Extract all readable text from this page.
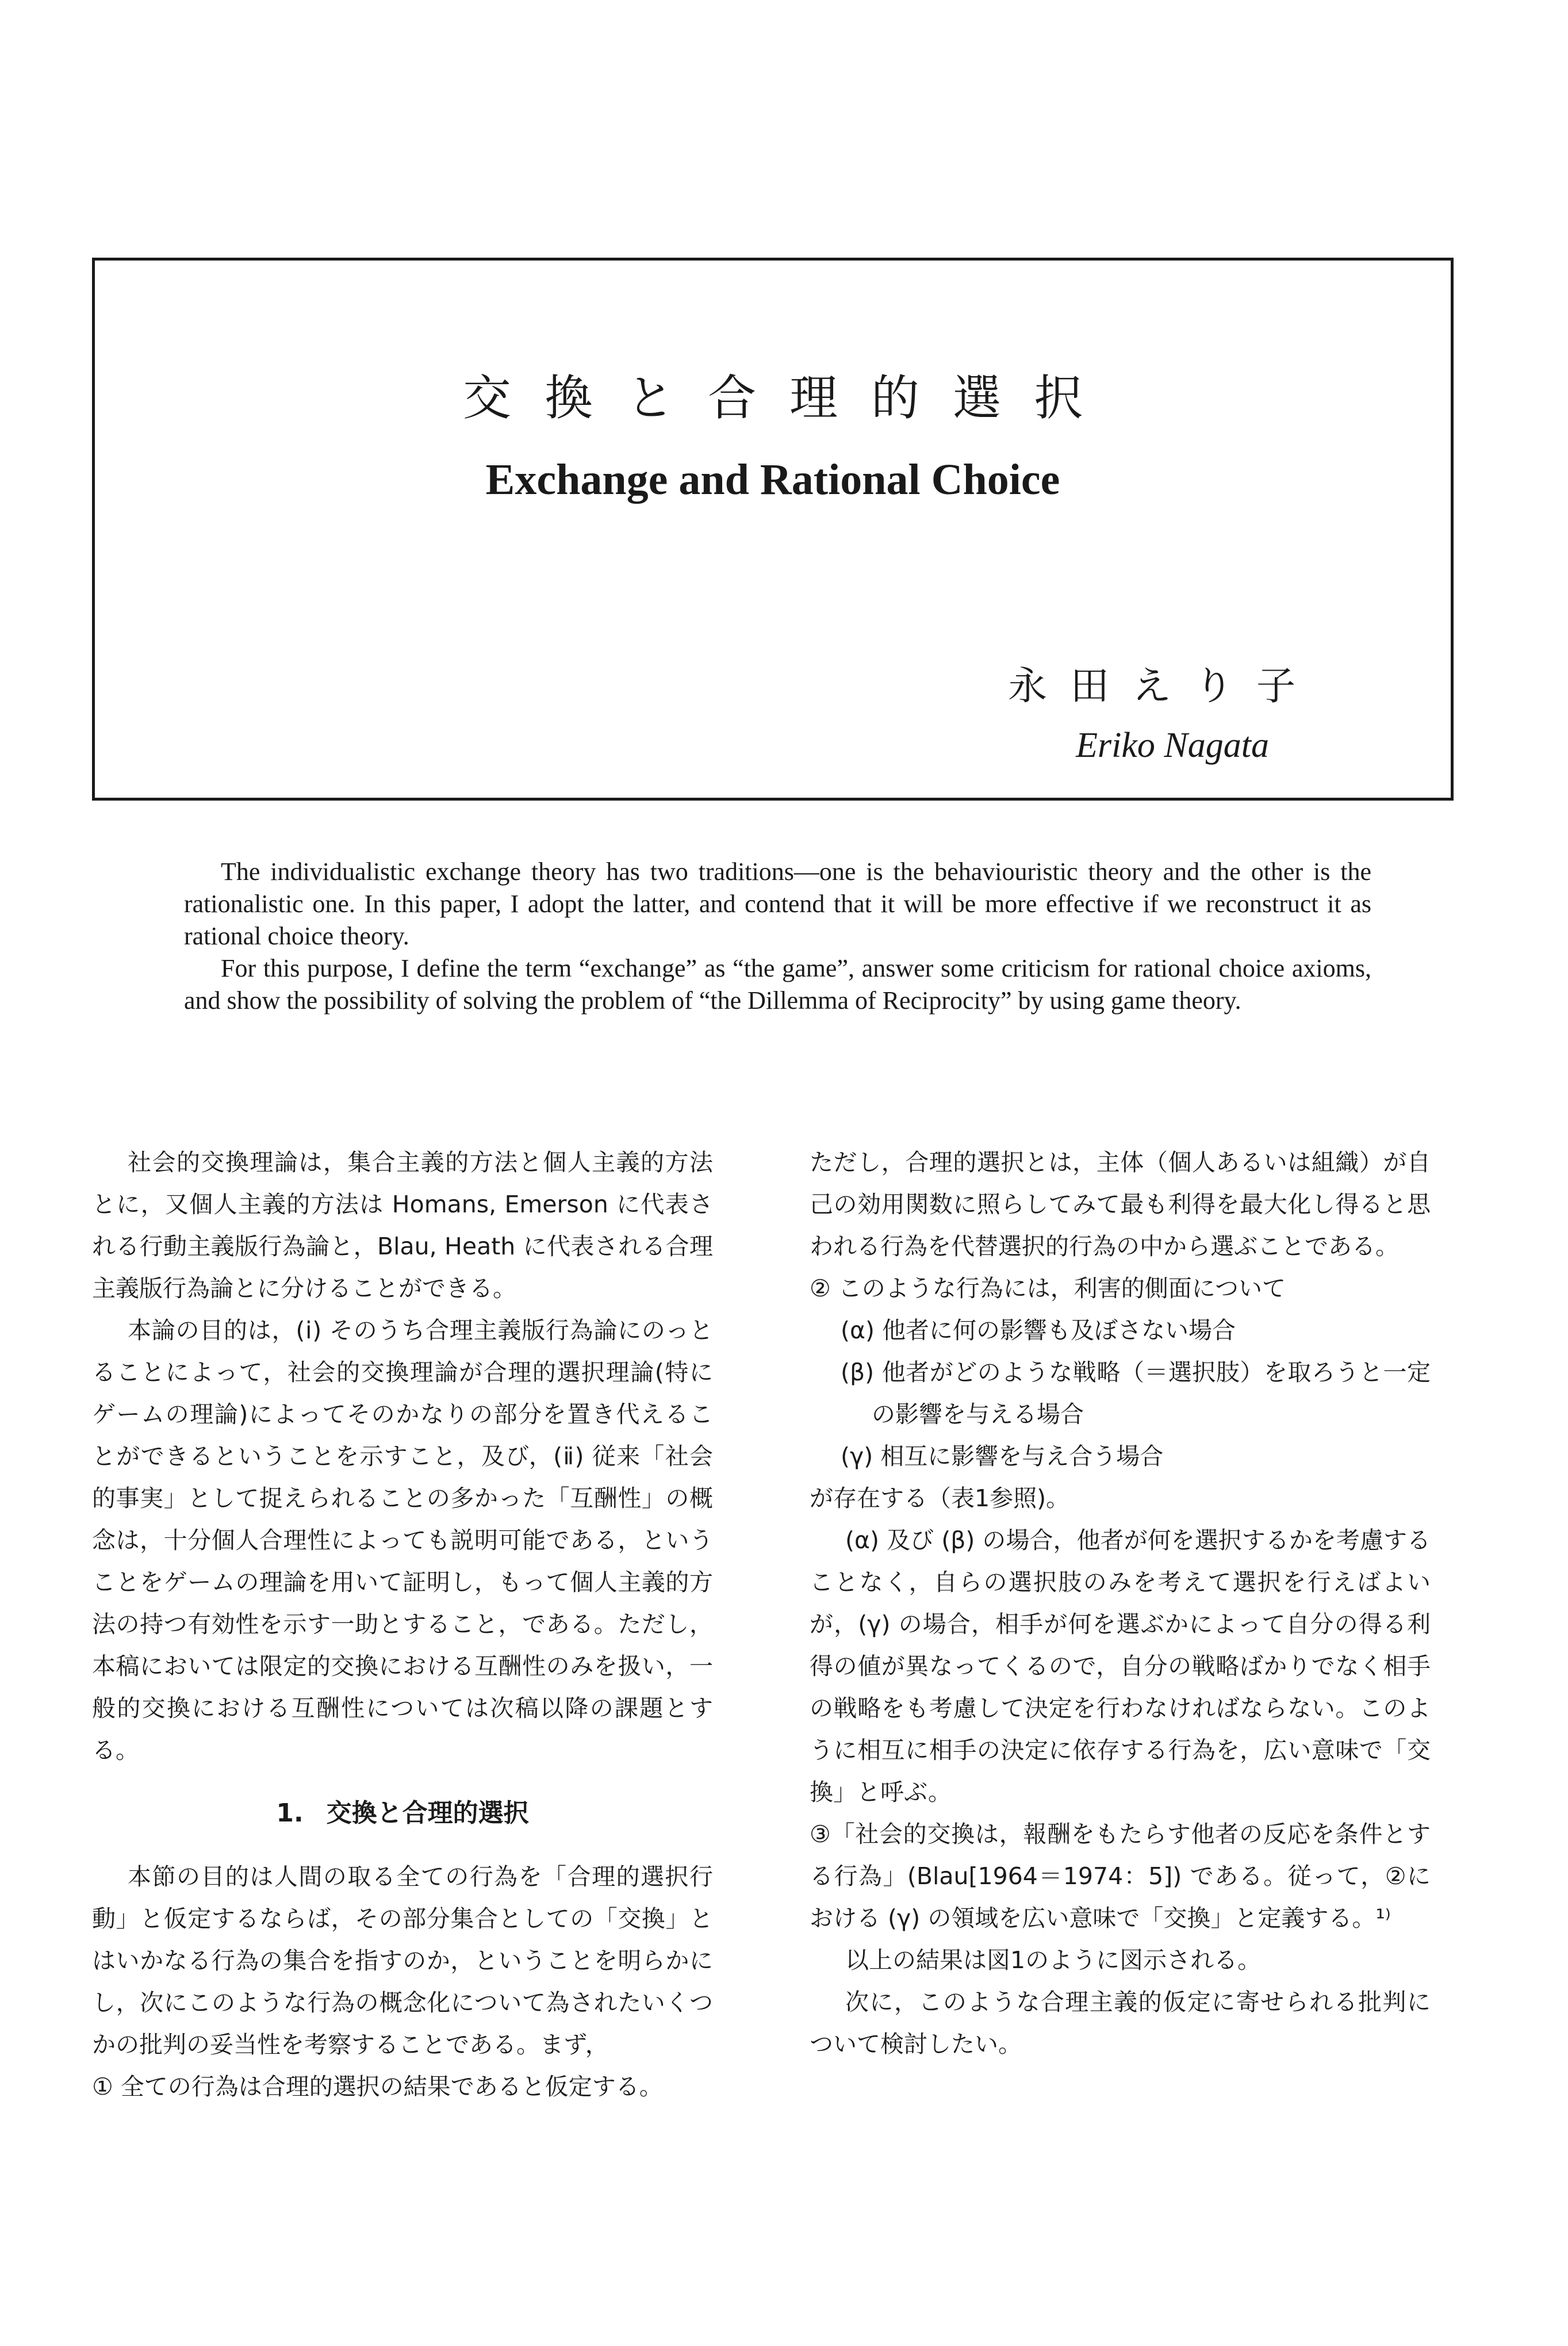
交換と合理的選択
Exchange and Rational Choice

永田えり子

Eriko Nagata

The individualistic exchange theory has two traditions—one is the behaviouristic theory and the other is the rationalistic one. In this paper, I adopt the latter, and contend that it will be more effective if we reconstruct it as rational choice theory.

For this purpose, I define the term “exchange” as “the game”, answer some criticism for rational choice axioms, and show the possibility of solving the problem of “the Dillemma of Reciprocity” by using game theory.

社会的交換理論は，集合主義的方法と個人主義的方法とに，又個人主義的方法は Homans, Emerson に代表される行動主義版行為論と，Blau, Heath に代表される合理主義版行為論とに分けることができる。

本論の目的は，(ⅰ) そのうち合理主義版行為論にのっとることによって，社会的交換理論が合理的選択理論(特にゲームの理論)によってそのかなりの部分を置き代えることができるということを示すこと，及び，(ⅱ) 従来「社会的事実」として捉えられることの多かった「互酬性」の概念は，十分個人合理性によっても説明可能である，ということをゲームの理論を用いて証明し，もって個人主義的方法の持つ有効性を示す一助とすること，である。ただし，本稿においては限定的交換における互酬性のみを扱い，一般的交換における互酬性については次稿以降の課題とする。

1. 交換と合理的選択

本節の目的は人間の取る全ての行為を「合理的選択行動」と仮定するならば，その部分集合としての「交換」とはいかなる行為の集合を指すのか，ということを明らかにし，次にこのような行為の概念化について為されたいくつかの批判の妥当性を考察することである。まず，

① 全ての行為は合理的選択の結果であると仮定する。

ただし，合理的選択とは，主体（個人あるいは組織）が自己の効用関数に照らしてみて最も利得を最大化し得ると思われる行為を代替選択的行為の中から選ぶことである。

② このような行為には，利害的側面について

(α) 他者に何の影響も及ぼさない場合

(β) 他者がどのような戦略（＝選択肢）を取ろうと一定の影響を与える場合

(γ) 相互に影響を与え合う場合

が存在する（表1参照)。

(α) 及び (β) の場合，他者が何を選択するかを考慮することなく，自らの選択肢のみを考えて選択を行えばよいが，(γ) の場合，相手が何を選ぶかによって自分の得る利得の値が異なってくるので，自分の戦略ばかりでなく相手の戦略をも考慮して決定を行わなければならない。このように相互に相手の決定に依存する行為を，広い意味で「交換」と呼ぶ。

③「社会的交換は，報酬をもたらす他者の反応を条件とする行為」(Blau[1964＝1974：5]) である。従って，②における (γ) の領域を広い意味で「交換」と定義する。¹⁾

以上の結果は図1のように図示される。

次に，このような合理主義的仮定に寄せられる批判について検討したい。
